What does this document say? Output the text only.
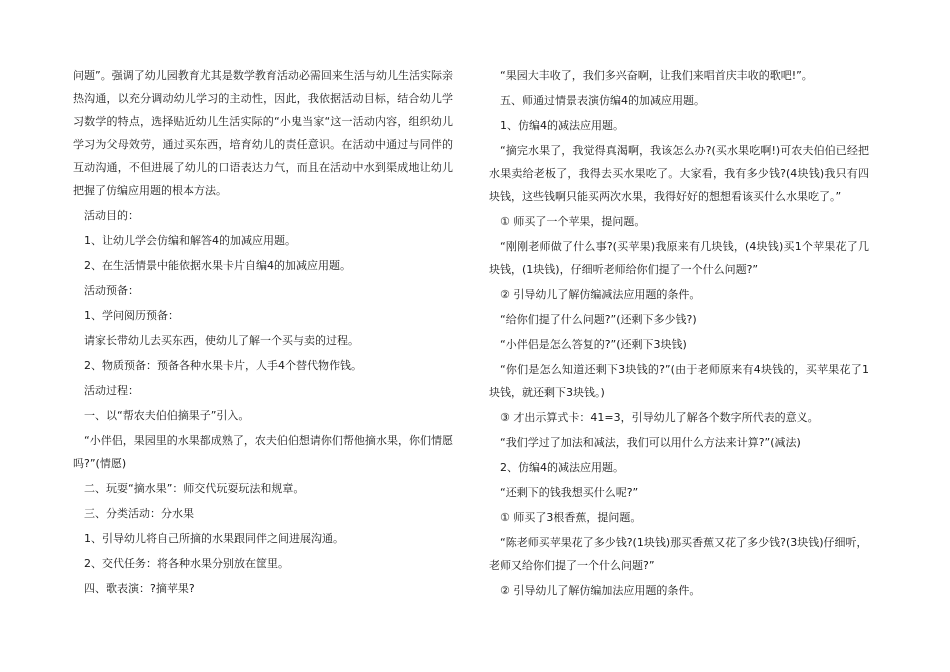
问题”。强调了幼儿园教育尤其是数学教育活动必需回来生活与幼儿生活实际亲热沟通，以充分调动幼儿学习的主动性，因此，我依据活动目标，结合幼儿学习数学的特点，选择贴近幼儿生活实际的“小鬼当家“这一活动内容，组织幼儿学习为父母效劳，通过买东西，培育幼儿的责任意识。在活动中通过与同伴的互动沟通，不但进展了幼儿的口语表达力气，而且在活动中水到渠成地让幼儿把握了仿编应用题的根本方法。

活动目的：

1、让幼儿学会仿编和解答4的加减应用题。

2、在生活情景中能依据水果卡片自编4的加减应用题。

活动预备：

1、学问阅历预备：

请家长带幼儿去买东西，使幼儿了解一个买与卖的过程。

2、物质预备：预备各种水果卡片，人手4个替代物作钱。

活动过程：

一、以“帮农夫伯伯摘果子”引入。

“小伴侣，果园里的水果都成熟了，农夫伯伯想请你们帮他摘水果，你们情愿吗?”(情愿)

二、玩耍“摘水果”：师交代玩耍玩法和规章。

三、分类活动：分水果

1、引导幼儿将自己所摘的水果跟同伴之间进展沟通。

2、交代任务：将各种水果分别放在筐里。

四、歌表演：?摘苹果?

“果园大丰收了，我们多兴奋啊，让我们来唱首庆丰收的歌吧!”。

五、师通过情景表演仿编4的加减应用题。

1、仿编4的减法应用题。

“摘完水果了，我觉得真渴啊，我该怎么办?(买水果吃啊!)可农夫伯伯已经把水果卖给老板了，我得去买水果吃了。大家看，我有多少钱?(4块钱)我只有四块钱，这些钱啊只能买两次水果，我得好好的想想看该买什么水果吃了。”

① 师买了一个苹果，提问题。

“刚刚老师做了什么事?(买苹果)我原来有几块钱，(4块钱)买1个苹果花了几块钱，(1块钱)，仔细听老师给你们提了一个什么问题?”

② 引导幼儿了解仿编减法应用题的条件。

“给你们提了什么问题?”(还剩下多少钱?)

“小伴侣是怎么答复的?”(还剩下3块钱)

“你们是怎么知道还剩下3块钱的?”(由于老师原来有4块钱的，买苹果花了1块钱，就还剩下3块钱。)

③ 才出示算式卡：41=3，引导幼儿了解各个数字所代表的意义。

“我们学过了加法和减法，我们可以用什么方法来计算?”(减法)

2、仿编4的减法应用题。

“还剩下的钱我想买什么呢?”

① 师买了3根香蕉，提问题。

“陈老师买苹果花了多少钱?(1块钱)那买香蕉又花了多少钱?(3块钱)仔细听，

老师又给你们提了一个什么问题?”

② 引导幼儿了解仿编加法应用题的条件。
